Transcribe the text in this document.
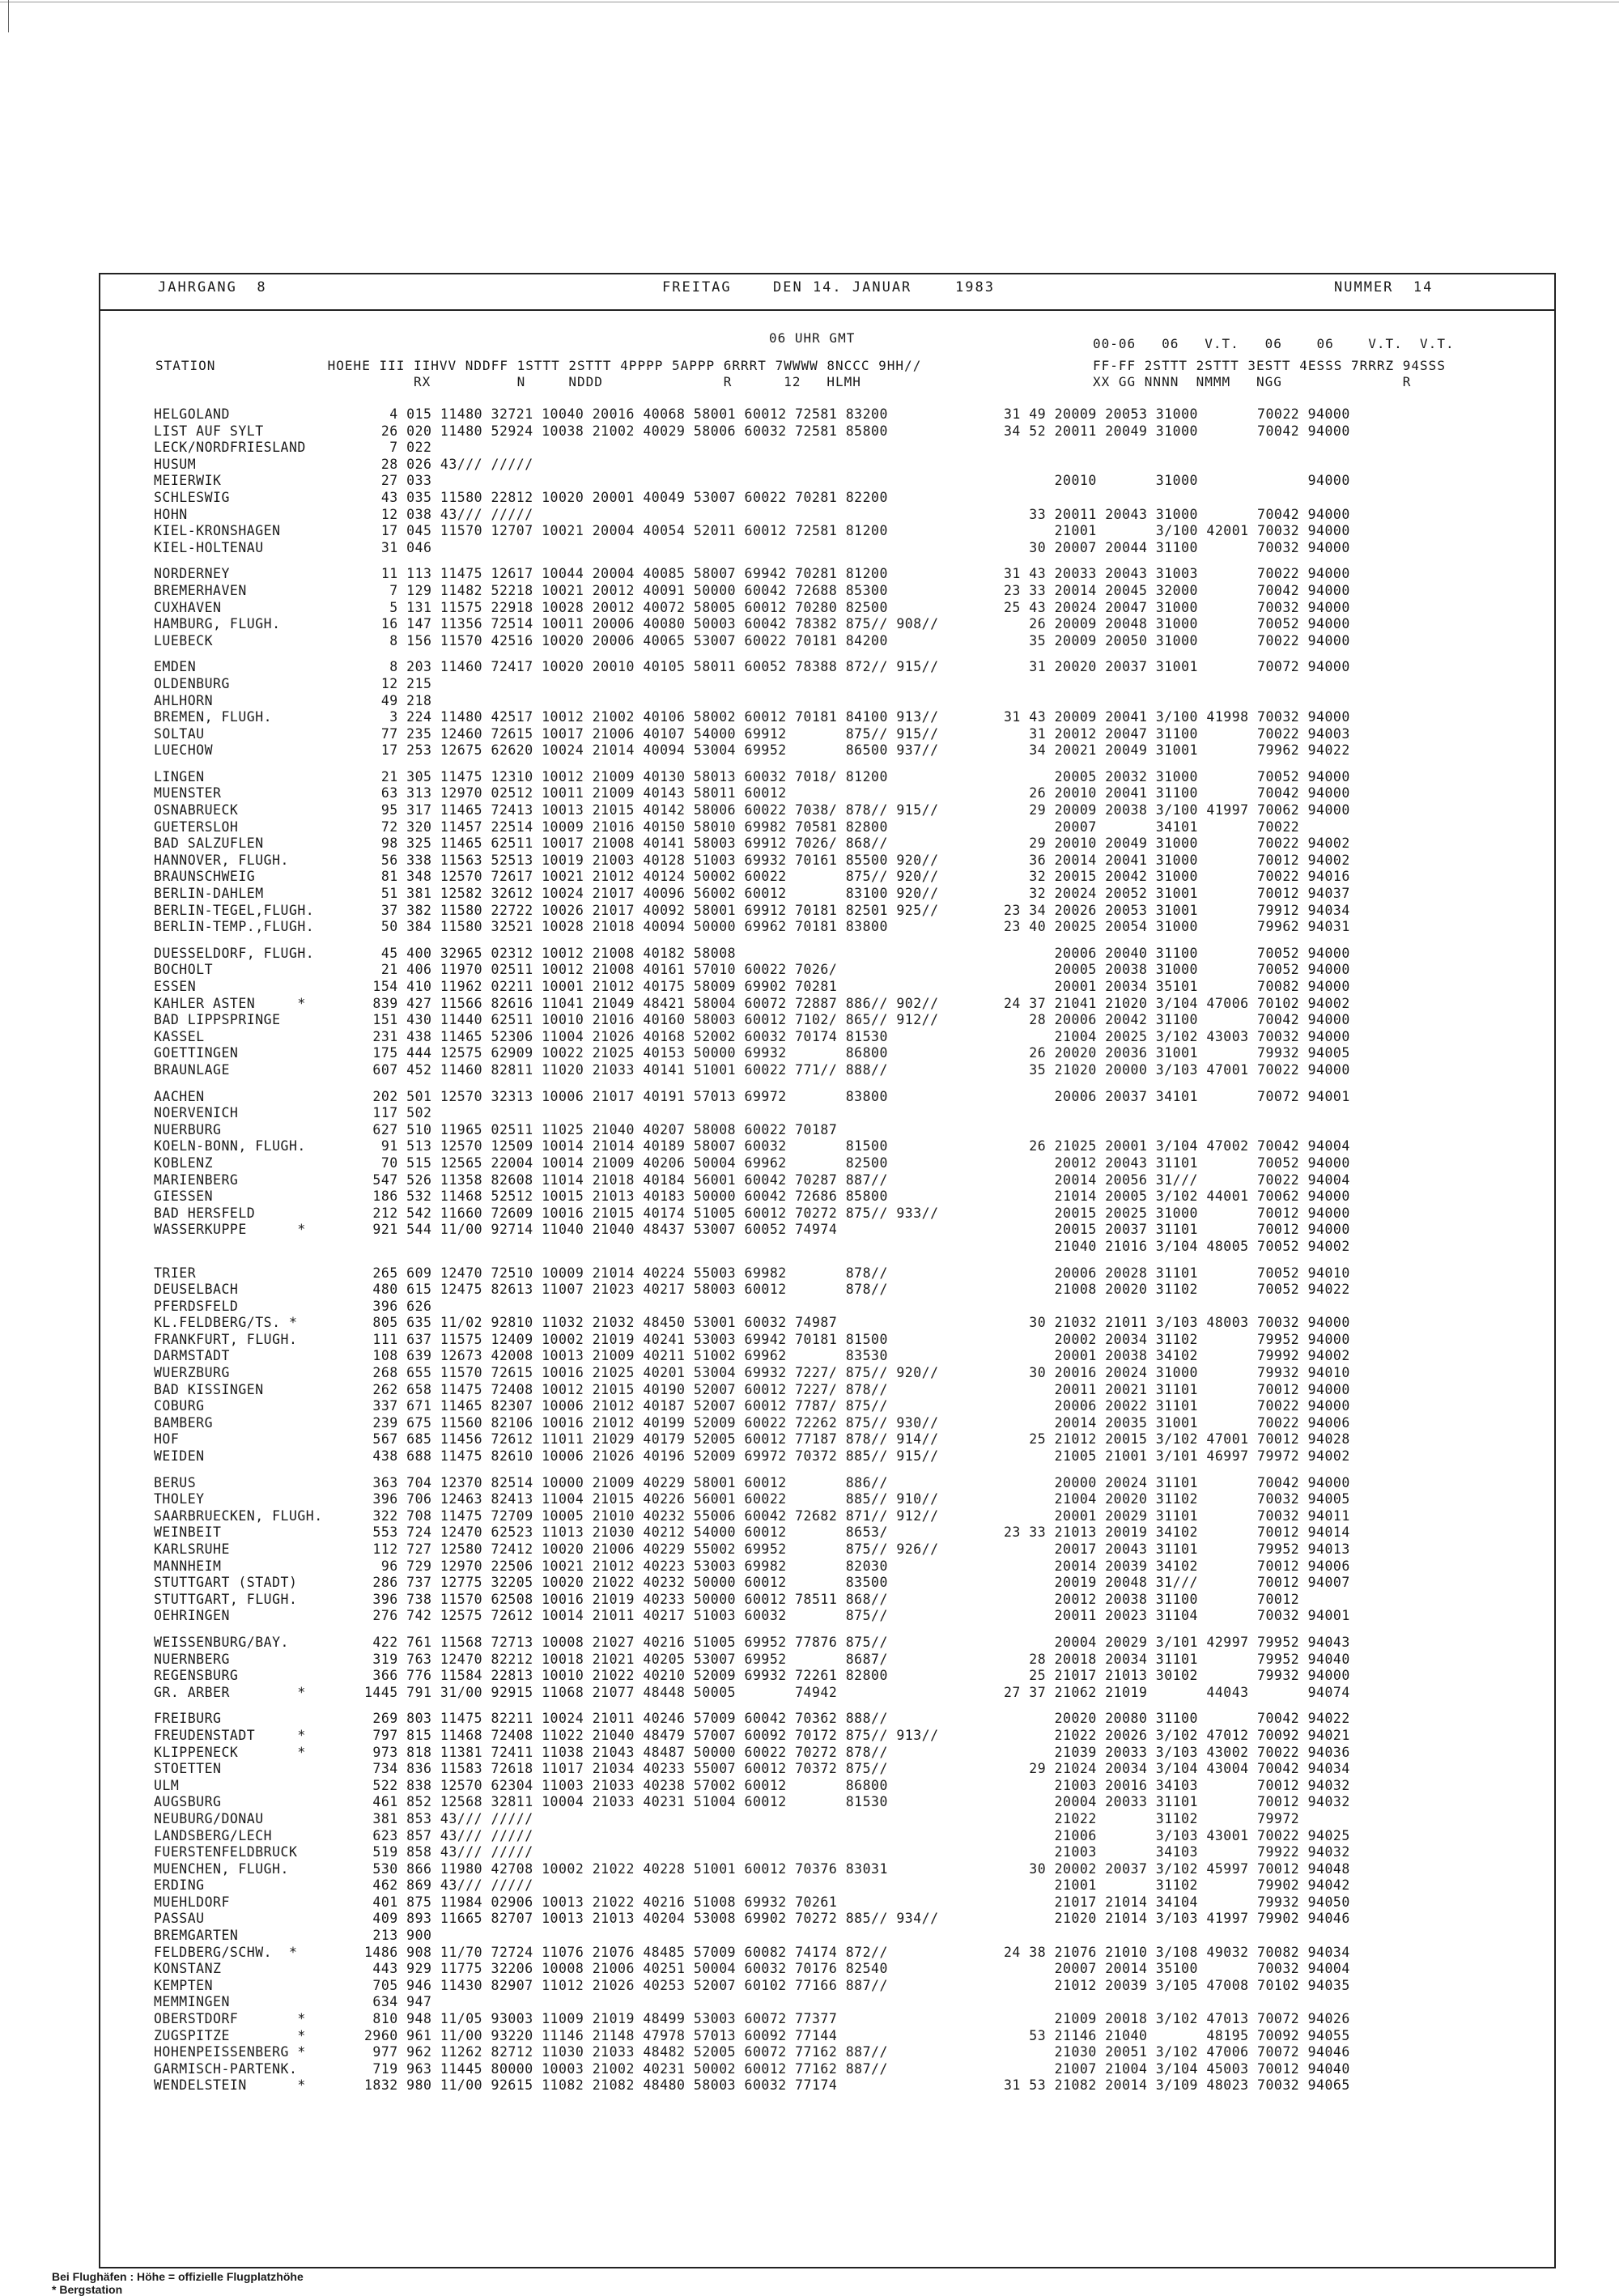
JAHRGANG  8	FREITAG	DEN 14. JANUAR	1983	NUMMER  14
06 UHR GMT	00-06   06   V.T.   06    06    V.T.  V.T.
STATION             HOEHE III IIHVV NDDFF 1STTT 2STTT 4PPPP 5APPP 6RRRT 7WWWW 8NCCC 9HH//
RX          N     NDDD              R      12   HLMH
FF-FF 2STTT 2STTT 3ESTT 4ESSS 7RRRZ 94SSS
XX GG NNNN  NMMM   NGG              R
HELGOLAND	4 015 11480 32721 10040 20016 40068 58001 60012 72581 83200	31 49 20009 20053 31000       70022 94000
LIST AUF SYLT	26 020 11480 52924 10038 21002 40029 58006 60032 72581 85800	34 52 20011 20049 31000       70042 94000
LECK/NORDFRIESLAND	7 022
HUSUM	28 026 43/// /////
MEIERWIK	27 033	20010       31000             94000
SCHLESWIG	43 035 11580 22812 10020 20001 40049 53007 60022 70281 82200
HOHN	12 038 43/// /////	33 20011 20043 31000       70042 94000
KIEL-KRONSHAGEN	17 045 11570 12707 10021 20004 40054 52011 60012 72581 81200	21001       3/100 42001 70032 94000
KIEL-HOLTENAU	31 046	30 20007 20044 31100       70032 94000
NORDERNEY	11 113 11475 12617 10044 20004 40085 58007 69942 70281 81200	31 43 20033 20043 31003       70022 94000
BREMERHAVEN	7 129 11482 52218 10021 20012 40091 50000 60042 72688 85300	23 33 20014 20045 32000       70042 94000
CUXHAVEN	5 131 11575 22918 10028 20012 40072 58005 60012 70280 82500	25 43 20024 20047 31000       70032 94000
HAMBURG, FLUGH.	16 147 11356 72514 10011 20006 40080 50003 60042 78382 875// 908//	26 20009 20048 31000       70052 94000
LUEBECK	8 156 11570 42516 10020 20006 40065 53007 60022 70181 84200	35 20009 20050 31000       70022 94000
EMDEN	8 203 11460 72417 10020 20010 40105 58011 60052 78388 872// 915//	31 20020 20037 31001       70072 94000
OLDENBURG	12 215
AHLHORN	49 218
BREMEN, FLUGH.	3 224 11480 42517 10012 21002 40106 58002 60012 70181 84100 913//	31 43 20009 20041 3/100 41998 70032 94000
SOLTAU	77 235 12460 72615 10017 21006 40107 54000 69912       875// 915//	31 20012 20047 31100       70022 94003
LUECHOW	17 253 12675 62620 10024 21014 40094 53004 69952       86500 937//	34 20021 20049 31001       79962 94022
LINGEN	21 305 11475 12310 10012 21009 40130 58013 60032 7018/ 81200	20005 20032 31000       70052 94000
MUENSTER	63 313 12970 02512 10011 21009 40143 58011 60012	26 20010 20041 31100       70042 94000
OSNABRUECK	95 317 11465 72413 10013 21015 40142 58006 60022 7038/ 878// 915//	29 20009 20038 3/100 41997 70062 94000
GUETERSLOH	72 320 11457 22514 10009 21016 40150 58010 69982 70581 82800	20007       34101       70022
BAD SALZUFLEN	98 325 11465 62511 10017 21008 40141 58003 69912 7026/ 868//	29 20010 20049 31000       70022 94002
HANNOVER, FLUGH.	56 338 11563 52513 10019 21003 40128 51003 69932 70161 85500 920//	36 20014 20041 31000       70012 94002
BRAUNSCHWEIG	81 348 12570 72617 10021 21012 40124 50002 60022       875// 920//	32 20015 20042 31000       70022 94016
BERLIN-DAHLEM	51 381 12582 32612 10024 21017 40096 56002 60012       83100 920//	32 20024 20052 31001       70012 94037
BERLIN-TEGEL,FLUGH.	37 382 11580 22722 10026 21017 40092 58001 69912 70181 82501 925//	23 34 20026 20053 31001       79912 94034
BERLIN-TEMP.,FLUGH.	50 384 11580 32521 10028 21018 40094 50000 69962 70181 83800	23 40 20025 20054 31000       79962 94031
DUESSELDORF, FLUGH.	45 400 32965 02312 10012 21008 40182 58008	20006 20040 31100       70052 94000
BOCHOLT	21 406 11970 02511 10012 21008 40161 57010 60022 7026/	20005 20038 31000       70052 94000
ESSEN	154 410 11962 02211 10001 21012 40175 58009 69902 70281	20001 20034 35101       70082 94000
KAHLER ASTEN     *	839 427 11566 82616 11041 21049 48421 58004 60072 72887 886// 902//	24 37 21041 21020 3/104 47006 70102 94002
BAD LIPPSPRINGE	151 430 11440 62511 10010 21016 40160 58003 60012 7102/ 865// 912//	28 20006 20042 31100       70042 94000
KASSEL	231 438 11465 52306 11004 21026 40168 52002 60032 70174 81530	21004 20025 3/102 43003 70032 94000
GOETTINGEN	175 444 12575 62909 10022 21025 40153 50000 69932       86800	26 20020 20036 31001       79932 94005
BRAUNLAGE	607 452 11460 82811 11020 21033 40141 51001 60022 771// 888//	35 21020 20000 3/103 47001 70022 94000
AACHEN	202 501 12570 32313 10006 21017 40191 57013 69972       83800	20006 20037 34101       70072 94001
NOERVENICH	117 502
NUERBURG	627 510 11965 02511 11025 21040 40207 58008 60022 70187
KOELN-BONN, FLUGH.	91 513 12570 12509 10014 21014 40189 58007 60032       81500	26 21025 20001 3/104 47002 70042 94004
KOBLENZ	70 515 12565 22004 10014 21009 40206 50004 69962       82500	20012 20043 31101       70052 94000
MARIENBERG	547 526 11358 82608 11014 21018 40184 56001 60042 70287 887//	20014 20056 31///       70022 94004
GIESSEN	186 532 11468 52512 10015 21013 40183 50000 60042 72686 85800	21014 20005 3/102 44001 70062 94000
BAD HERSFELD	212 542 11660 72609 10016 21015 40174 51005 60012 70272 875// 933//	20015 20025 31000       70012 94000
WASSERKUPPE      *	921 544 11/00 92714 11040 21040 48437 53007 60052 74974	20015 20037 31101       70012 94000
21040 21016 3/104 48005 70052 94002
TRIER	265 609 12470 72510 10009 21014 40224 55003 69982       878//	20006 20028 31101       70052 94010
DEUSELBACH	480 615 12475 82613 11007 21023 40217 58003 60012       878//	21008 20020 31102       70052 94022
PFERDSFELD	396 626
KL.FELDBERG/TS. *	805 635 11/02 92810 11032 21032 48450 53001 60032 74987	30 21032 21011 3/103 48003 70032 94000
FRANKFURT, FLUGH.	111 637 11575 12409 10002 21019 40241 53003 69942 70181 81500	20002 20034 31102       79952 94000
DARMSTADT	108 639 12673 42008 10013 21009 40211 51002 69962       83530	20001 20038 34102       79992 94002
WUERZBURG	268 655 11570 72615 10016 21025 40201 53004 69932 7227/ 875// 920//	30 20016 20024 31000       79932 94010
BAD KISSINGEN	262 658 11475 72408 10012 21015 40190 52007 60012 7227/ 878//	20011 20021 31101       70012 94000
COBURG	337 671 11465 82307 10006 21012 40187 52007 60012 7787/ 875//	20006 20022 31101       70022 94000
BAMBERG	239 675 11560 82106 10016 21012 40199 52009 60022 72262 875// 930//	20014 20035 31001       70022 94006
HOF	567 685 11456 72612 11011 21029 40179 52005 60012 77187 878// 914//	25 21012 20015 3/102 47001 70012 94028
WEIDEN	438 688 11475 82610 10006 21026 40196 52009 69972 70372 885// 915//	21005 21001 3/101 46997 79972 94002
BERUS	363 704 12370 82514 10000 21009 40229 58001 60012       886//	20000 20024 31101       70042 94000
THOLEY	396 706 12463 82413 11004 21015 40226 56001 60022       885// 910//	21004 20020 31102       70032 94005
SAARBRUECKEN, FLUGH.	322 708 11475 72709 10005 21010 40232 55006 60042 72682 871// 912//	20001 20029 31101       70032 94011
WEINBEIT	553 724 12470 62523 11013 21030 40212 54000 60012       8653/	23 33 21013 20019 34102       70012 94014
KARLSRUHE	112 727 12580 72412 10020 21006 40229 55002 69952       875// 926//	20017 20043 31101       79952 94013
MANNHEIM	96 729 12970 22506 10021 21012 40223 53003 69982       82030	20014 20039 34102       70012 94006
STUTTGART (STADT)	286 737 12775 32205 10020 21022 40232 50000 60012       83500	20019 20048 31///       70012 94007
STUTTGART, FLUGH.	396 738 11570 62508 10016 21019 40233 50000 60012 78511 868//	20012 20038 31100       70012
OEHRINGEN	276 742 12575 72612 10014 21011 40217 51003 60032       875//	20011 20023 31104       70032 94001
WEISSENBURG/BAY.	422 761 11568 72713 10008 21027 40216 51005 69952 77876 875//	20004 20029 3/101 42997 79952 94043
NUERNBERG	319 763 12470 82212 10018 21021 40205 53007 69952       8687/	28 20018 20034 31101       79952 94040
REGENSBURG	366 776 11584 22813 10010 21022 40210 52009 69932 72261 82800	25 21017 21013 30102       79932 94000
GR. ARBER        *	1445 791 31/00 92915 11068 21077 48448 50005       74942	27 37 21062 21019       44043       94074
FREIBURG	269 803 11475 82211 10024 21011 40246 57009 60042 70362 888//	20020 20080 31100       70042 94022
FREUDENSTADT     *	797 815 11468 72408 11022 21040 48479 57007 60092 70172 875// 913//	21022 20026 3/102 47012 70092 94021
KLIPPENECK       *	973 818 11381 72411 11038 21043 48487 50000 60022 70272 878//	21039 20033 3/103 43002 70022 94036
STOETTEN	734 836 11583 72618 11017 21034 40233 55007 60012 70372 875//	29 21024 20034 3/104 43004 70042 94034
ULM	522 838 12570 62304 11003 21033 40238 57002 60012       86800	21003 20016 34103       70012 94032
AUGSBURG	461 852 12568 32811 10004 21033 40231 51004 60012       81530	20004 20033 31101       70012 94032
NEUBURG/DONAU	381 853 43/// /////	21022       31102       79972
LANDSBERG/LECH	623 857 43/// /////	21006       3/103 43001 70022 94025
FUERSTENFELDBRUCK	519 858 43/// /////	21003       34103       79922 94032
MUENCHEN, FLUGH.	530 866 11980 42708 10002 21022 40228 51001 60012 70376 83031	30 20002 20037 3/102 45997 70012 94048
ERDING	462 869 43/// /////	21001       31102       79902 94042
MUEHLDORF	401 875 11984 02906 10013 21022 40216 51008 69932 70261	21017 21014 34104       79932 94050
PASSAU	409 893 11665 82707 10013 21013 40204 53008 69902 70272 885// 934//	21020 21014 3/103 41997 79902 94046
BREMGARTEN	213 900
FELDBERG/SCHW.  *	1486 908 11/70 72724 11076 21076 48485 57009 60082 74174 872//	24 38 21076 21010 3/108 49032 70082 94034
KONSTANZ	443 929 11775 32206 10008 21006 40251 50004 60032 70176 82540	20007 20014 35100       70032 94004
KEMPTEN	705 946 11430 82907 11012 21026 40253 52007 60102 77166 887//	21012 20039 3/105 47008 70102 94035
MEMMINGEN	634 947
OBERSTDORF       *	810 948 11/05 93003 11009 21019 48499 53003 60072 77377	21009 20018 3/102 47013 70072 94026
ZUGSPITZE        *	2960 961 11/00 93220 11146 21148 47978 57013 60092 77144	53 21146 21040       48195 70092 94055
HOHENPEISSENBERG *	977 962 11262 82712 11030 21033 48482 52005 60072 77162 887//	21030 20051 3/102 47006 70072 94046
GARMISCH-PARTENK.	719 963 11445 80000 10003 21002 40231 50002 60012 77162 887//	21007 21004 3/104 45003 70012 94040
WENDELSTEIN      *	1832 980 11/00 92615 11082 21082 48480 58003 60032 77174	31 53 21082 20014 3/109 48023 70032 94065
Bei Flughäfen : Höhe = offizielle Flugplatzhöhe
* Bergstation
